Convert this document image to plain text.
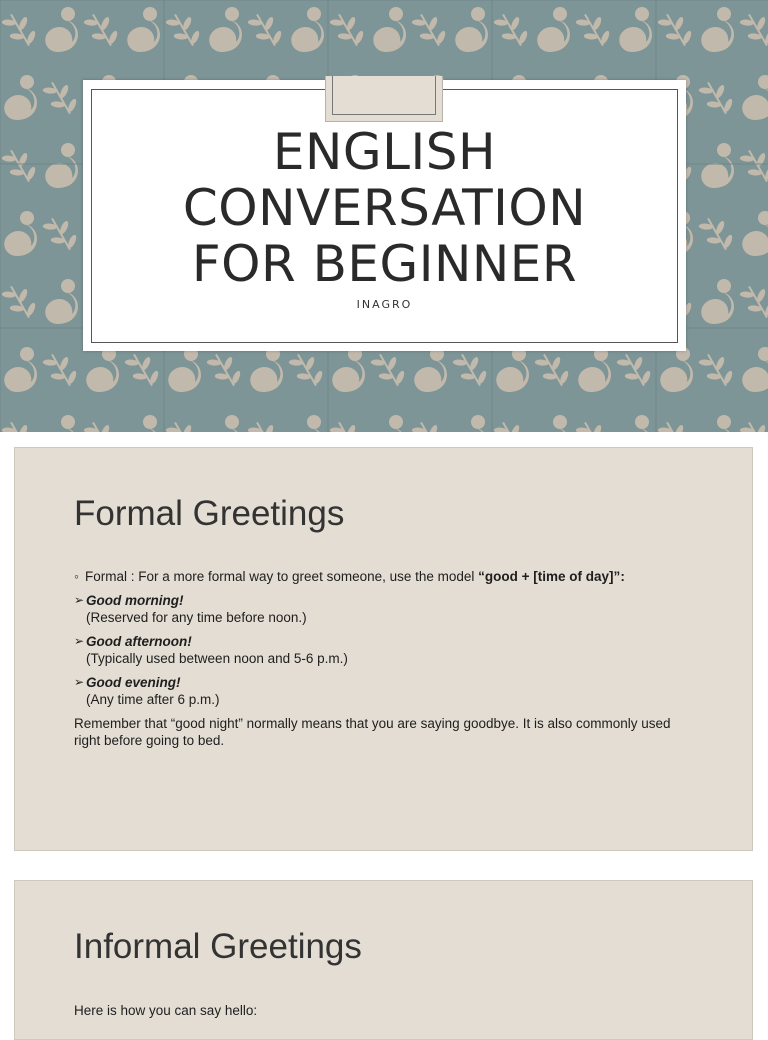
ENGLISH
CONVERSATION
FOR BEGINNER
INAGRO
Formal Greetings
◦ Formal : For a more formal way to greet someone, use the model “good + [time of day]”:
➢ Good morning!
(Reserved for any time before noon.)
➢ Good afternoon!
(Typically used between noon and 5-6 p.m.)
➢ Good evening!
(Any time after 6 p.m.)
Remember that “good night” normally means that you are saying goodbye. It is also commonly used right before going to bed.
Informal Greetings
Here is how you can say hello:
